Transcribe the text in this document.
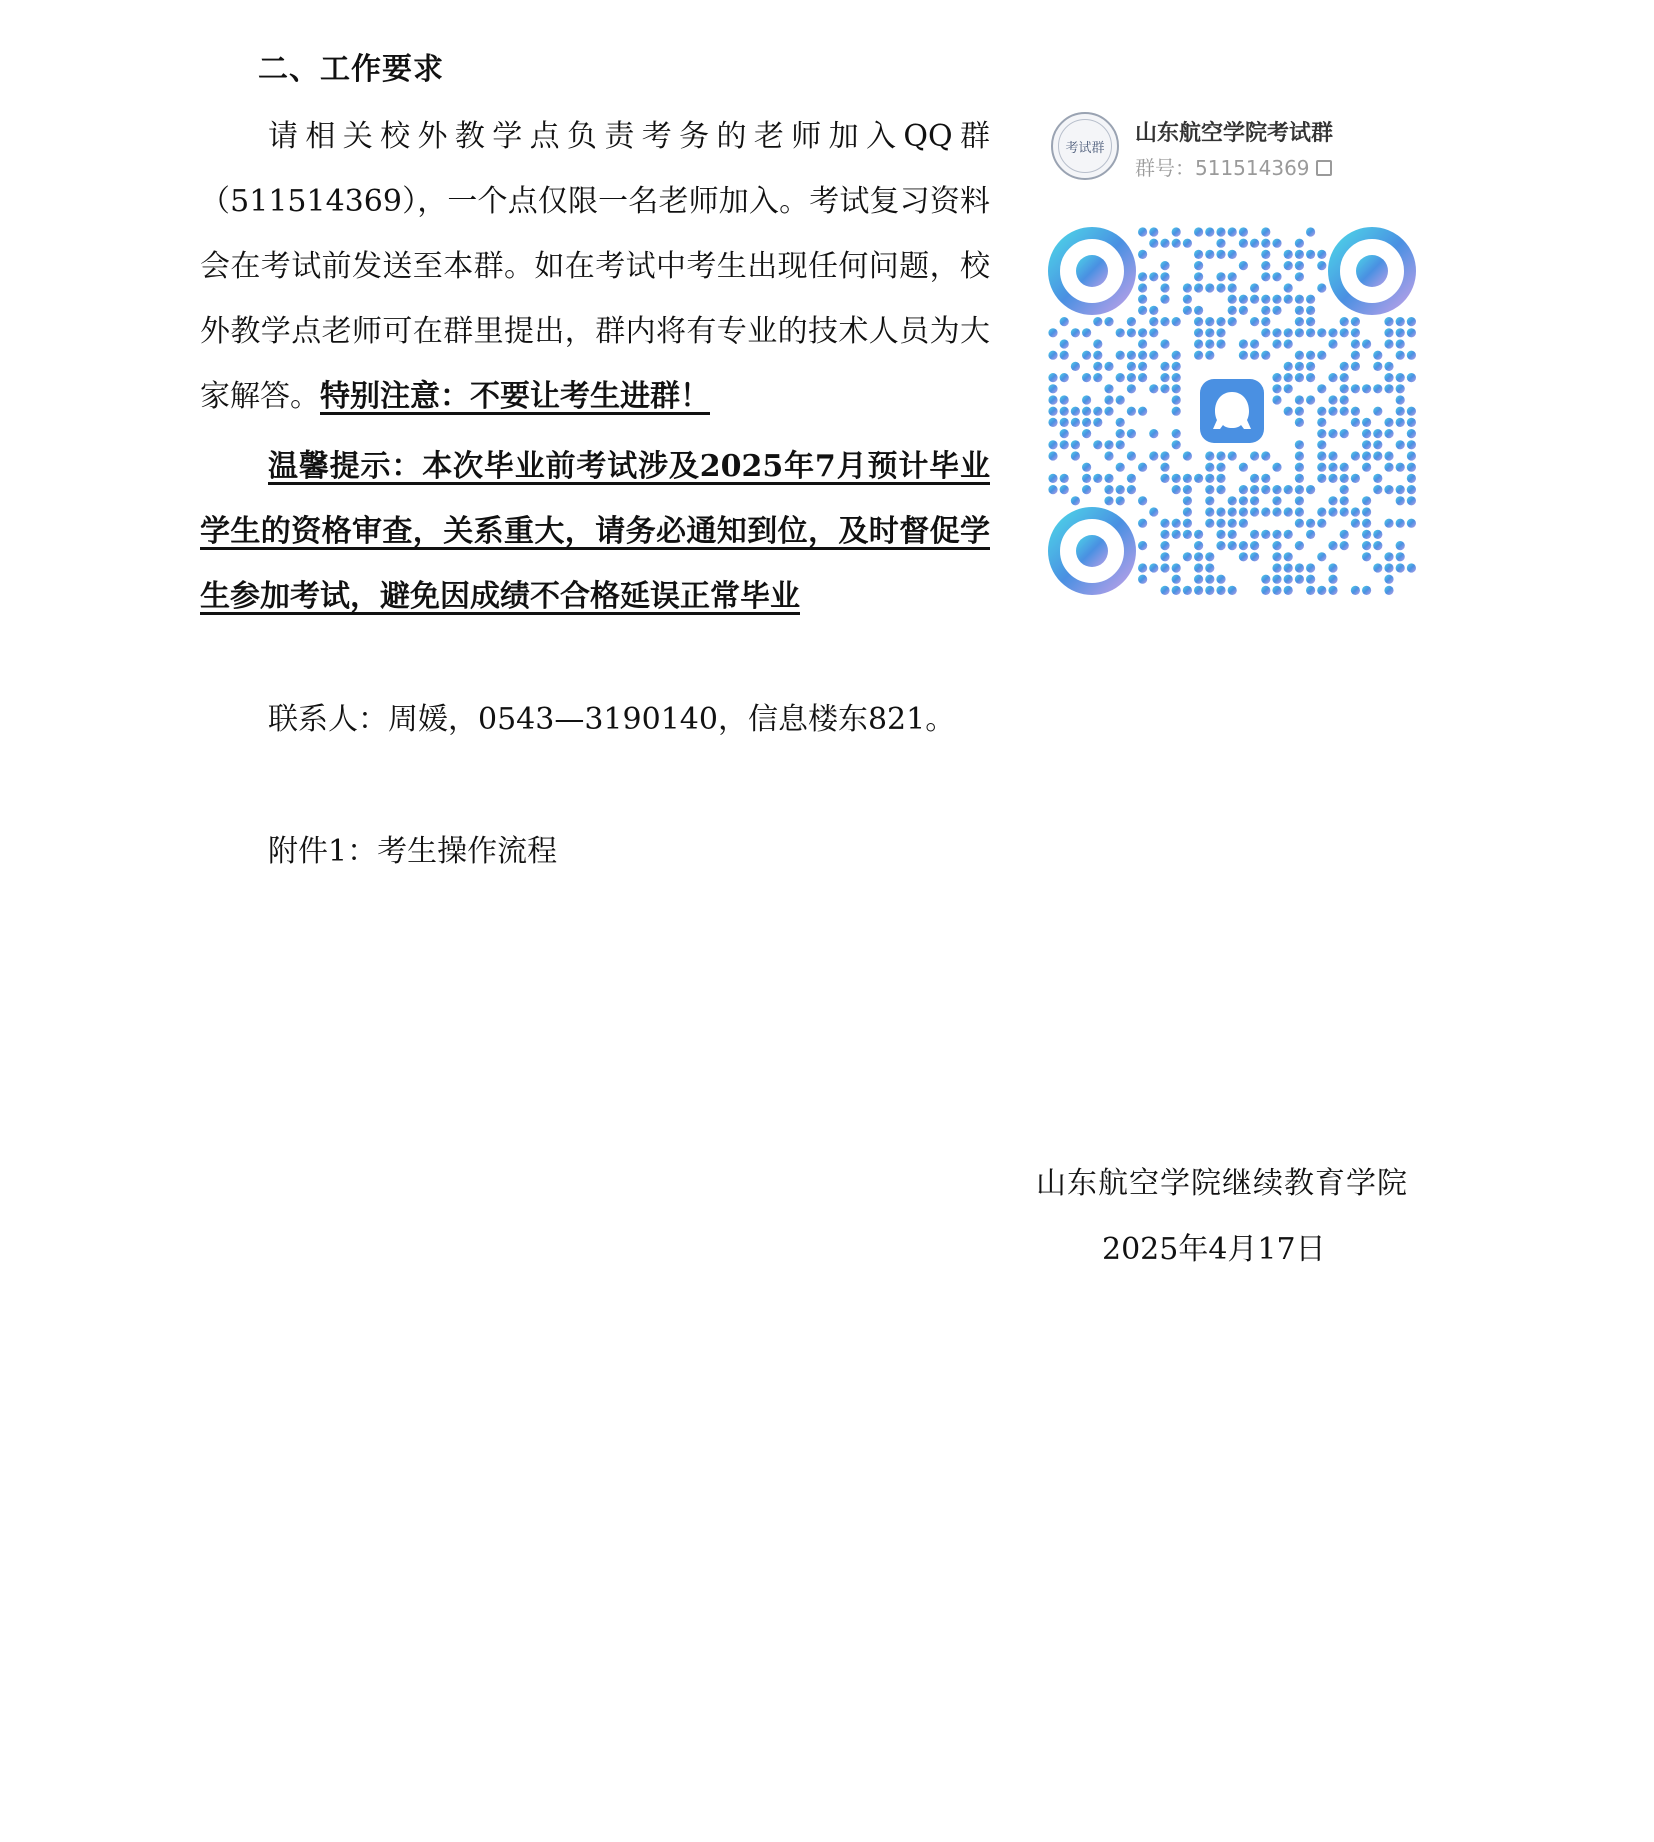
二、工作要求

请相关校外教学点负责考务的老师加入QQ群（511514369），一个点仅限一名老师加入。考试复习资料会在考试前发送至本群。如在考试中考生出现任何问题，校外教学点老师可在群里提出，群内将有专业的技术人员为大家解答。特别注意：不要让考生进群！

温馨提示：本次毕业前考试涉及2025年7月预计毕业学生的资格审查，关系重大，请务必通知到位，及时督促学生参加考试，避免因成绩不合格延误正常毕业

联系人：周媛，0543—3190140，信息楼东821。
附件1：考生操作流程
考试群
山东航空学院考试群
群号：511514369
山东航空学院继续教育学院
2025年4月17日
